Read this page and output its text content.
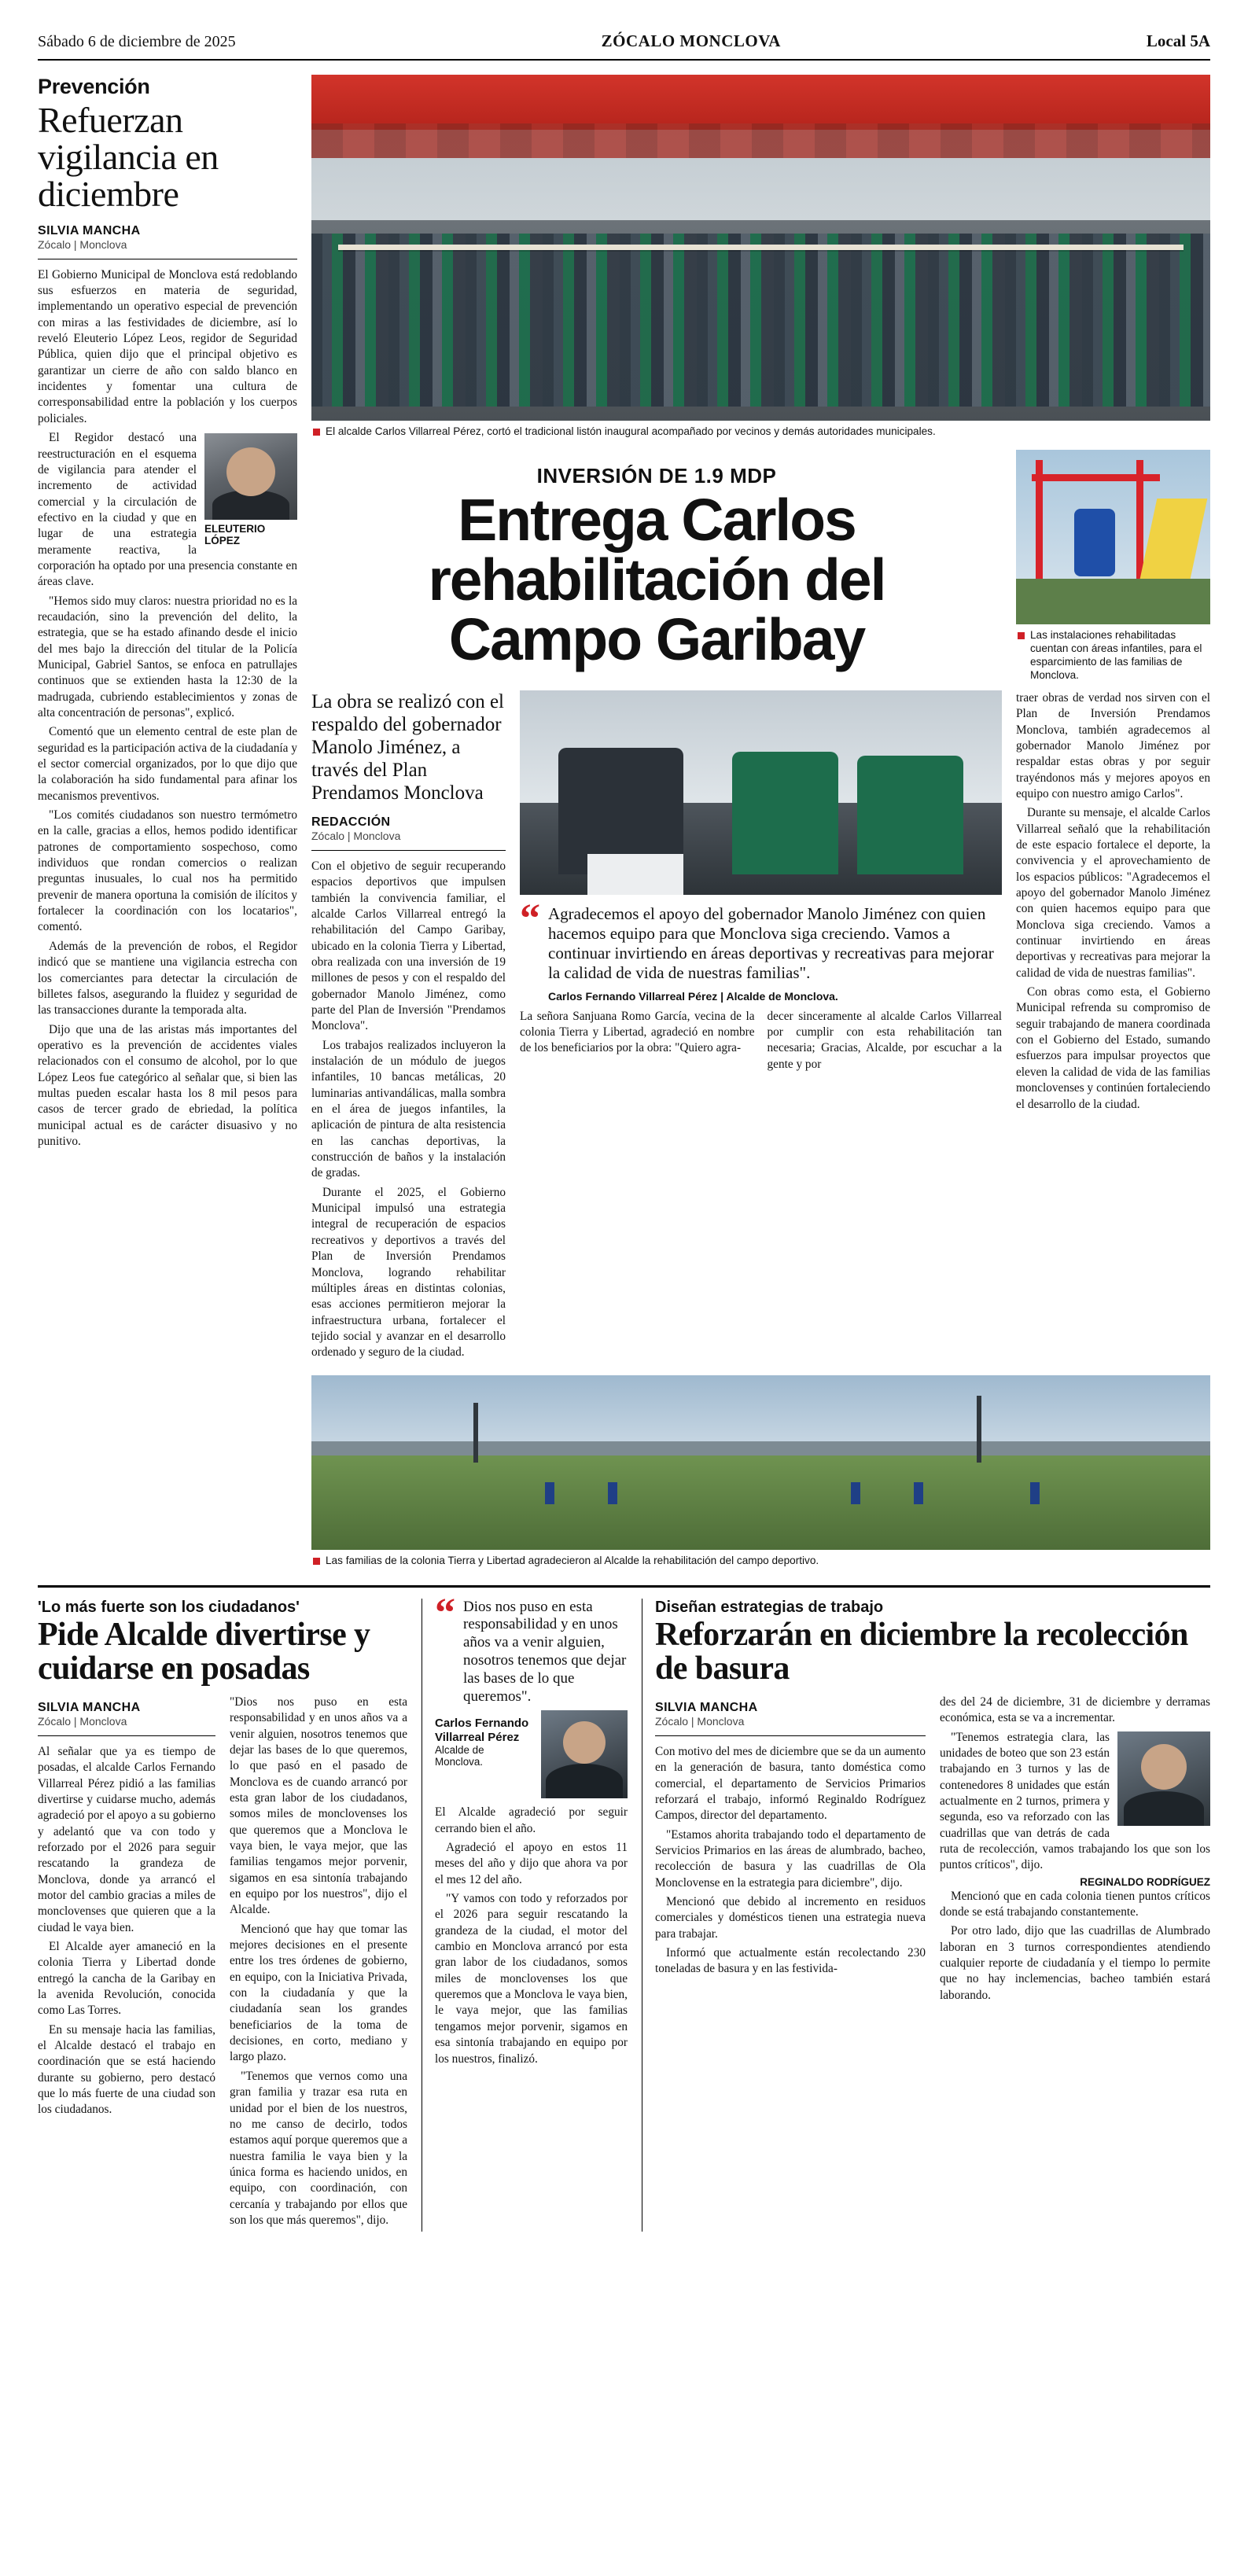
Sábado 6 de diciembre de 2025	ZÓCALO MONCLOVA	Local 5A
Prevención
Refuerzan vigilancia en diciembre
SILVIA MANCHA
Zócalo | Monclova

El Gobierno Municipal de Monclova está redoblando sus esfuerzos en materia de seguridad, implementando un operativo especial de prevención con miras a las festividades de diciembre, así lo reveló Eleuterio López Leos, regidor de Seguridad Pública, quien dijo que el principal objetivo es garantizar un cierre de año con saldo blanco en incidentes y fomentar una cultura de corresponsabilidad entre la población y los cuerpos policiales.

ELEUTERIO LÓPEZ

El Regidor destacó una reestructuración en el esquema de vigilancia para atender el incremento de actividad comercial y la circulación de efectivo en la ciudad y que en lugar de una estrategia meramente reactiva, la corporación ha optado por una presencia constante en áreas clave.

"Hemos sido muy claros: nuestra prioridad no es la recaudación, sino la prevención del delito, la estrategia, que se ha estado afinando desde el inicio del mes bajo la dirección del titular de la Policía Municipal, Gabriel Santos, se enfoca en patrullajes continuos que se extienden hasta la 12:30 de la madrugada, cubriendo establecimientos y zonas de alta concentración de personas", explicó.

Comentó que un elemento central de este plan de seguridad es la participación activa de la ciudadanía y el sector comercial organizados, por lo que dijo que la colaboración ha sido fundamental para afinar los mecanismos preventivos.

"Los comités ciudadanos son nuestro termómetro en la calle, gracias a ellos, hemos podido identificar patrones de comportamiento sospechoso, como individuos que rondan comercios o realizan preguntas inusuales, lo cual nos ha permitido prevenir de manera oportuna la comisión de ilícitos y fortalecer la coordinación con los locatarios", comentó.

Además de la prevención de robos, el Regidor indicó que se mantiene una vigilancia estrecha con los comerciantes para detectar la circulación de billetes falsos, asegurando la fluidez y seguridad de las transacciones durante la temporada alta.

Dijo que una de las aristas más importantes del operativo es la prevención de accidentes viales relacionados con el consumo de alcohol, por lo que López Leos fue categórico al señalar que, si bien las multas pueden escalar hasta los 8 mil pesos para casos de tercer grado de ebriedad, la política municipal actual es de carácter disuasivo y no punitivo.

El alcalde Carlos Villarreal Pérez, cortó el tradicional listón inaugural acompañado por vecinos y demás autoridades municipales.
INVERSIÓN DE 1.9 MDP
Entrega Carlos
rehabilitación del
Campo Garibay	Las instalaciones rehabilitadas cuentan con áreas infantiles, para el esparcimiento de las familias de Monclova.
La obra se realizó con el respaldo del gobernador Manolo Jiménez, a través del Plan Prendamos Monclova
REDACCIÓN
Zócalo | Monclova

Con el objetivo de seguir recuperando espacios deportivos que impulsen también la convivencia familiar, el alcalde Carlos Villarreal entregó la rehabilitación del Campo Garibay, ubicado en la colonia Tierra y Libertad, obra realizada con una inversión de 19 millones de pesos y con el respaldo del gobernador Manolo Jiménez, como parte del Plan de Inversión "Prendamos Monclova".

Los trabajos realizados incluyeron la instalación de un módulo de juegos infantiles, 10 bancas metálicas, 20 luminarias antivandálicas, malla sombra en el área de juegos infantiles, la aplicación de pintura de alta resistencia en las canchas deportivas, la construcción de baños y la instalación de gradas.

Durante el 2025, el Gobierno Municipal impulsó una estrategia integral de recuperación de espacios recreativos y deportivos a través del Plan de Inversión Prendamos Monclova, logrando rehabilitar múltiples áreas en distintas colonias, esas acciones permitieron mejorar la infraestructura urbana, fortalecer el tejido social y avanzar en el desarrollo ordenado y seguro de la ciudad.

“ Agradecemos el apoyo del gobernador Manolo Jiménez con quien hacemos equipo para que Monclova siga creciendo. Vamos a continuar invirtiendo en áreas deportivas y recreativas para mejorar la calidad de vida de nuestras familias".
Carlos Fernando Villarreal Pérez | Alcalde de Monclova.

La señora Sanjuana Romo García, vecina de la colonia Tierra y Libertad, agradeció en nombre de los beneficiarios por la obra: "Quiero agra-

decer sinceramente al alcalde Carlos Villarreal por cumplir con esta rehabilitación tan necesaria; Gracias, Alcalde, por escuchar a la gente y por

traer obras de verdad nos sirven con el Plan de Inversión Prendamos Monclova, también agradecemos al gobernador Manolo Jiménez por respaldar estas obras y por seguir trayéndonos más y mejores apoyos en equipo con nuestro amigo Carlos".

Durante su mensaje, el alcalde Carlos Villarreal señaló que la rehabilitación de este espacio fortalece el deporte, la convivencia y el aprovechamiento de los espacios públicos: "Agradecemos el apoyo del gobernador Manolo Jiménez con quien hacemos equipo para que Monclova siga creciendo. Vamos a continuar invirtiendo en áreas deportivas y recreativas para mejorar la calidad de vida de nuestras familias".

Con obras como esta, el Gobierno Municipal refrenda su compromiso de seguir trabajando de manera coordinada con el Gobierno del Estado, sumando esfuerzos para impulsar proyectos que eleven la calidad de vida de las familias monclovenses y continúen fortaleciendo el desarrollo de la ciudad.

Las familias de la colonia Tierra y Libertad agradecieron al Alcalde la rehabilitación del campo deportivo.
'Lo más fuerte son los ciudadanos'
Pide Alcalde divertirse y cuidarse en posadas
SILVIA MANCHA
Zócalo | Monclova

Al señalar que ya es tiempo de posadas, el alcalde Carlos Fernando Villarreal Pérez pidió a las familias divertirse y cuidarse mucho, además agradeció por el apoyo a su gobierno y adelantó que va con todo y reforzado por el 2026 para seguir rescatando la grandeza de Monclova, donde ya arrancó el motor del cambio gracias a miles de monclovenses que quieren que a la ciudad le vaya bien.

El Alcalde ayer amaneció en la colonia Tierra y Libertad donde entregó la cancha de la Garibay en la avenida Revolución, conocida como Las Torres.

En su mensaje hacia las familias, el Alcalde destacó el trabajo en coordinación que se está haciendo durante su gobierno, pero destacó que lo más fuerte de una ciudad son los ciudadanos.

"Dios nos puso en esta responsabilidad y en unos años va a venir alguien, nosotros tenemos que dejar las bases de lo que queremos, lo que pasó en el pasado de Monclova es de cuando arrancó por esta gran labor de los ciudadanos, somos miles de monclovenses los que queremos que a Monclova le vaya bien, le vaya mejor, que las familias tengamos mejor porvenir, sigamos en esa sintonía trabajando en equipo por los nuestros", dijo el Alcalde.

Mencionó que hay que tomar las mejores decisiones en el presente entre los tres órdenes de gobierno, en equipo, con la Iniciativa Privada, con la ciudadanía y que la ciudadanía sean los grandes beneficiarios de la toma de decisiones, en corto, mediano y largo plazo.

"Tenemos que vernos como una gran familia y trazar esa ruta en unidad por el bien de los nuestros, no me canso de decirlo, todos estamos aquí porque queremos que a nuestra familia le vaya bien y la única forma es haciendo unidos, en equipo, con coordinación, con cercanía y trabajando por ellos que son los que más queremos", dijo.

“ Dios nos puso en esta responsabilidad y en unos años va a venir alguien, nosotros tenemos que dejar las bases de lo que queremos".
Carlos Fernando Villarreal Pérez
Alcalde de Monclova.

El Alcalde agradeció por seguir cerrando bien el año.

Agradeció el apoyo en estos 11 meses del año y dijo que ahora va por el mes 12 del año.

"Y vamos con todo y reforzados por el 2026 para seguir rescatando la grandeza de la ciudad, el motor del cambio en Monclova arrancó por esta gran labor de los ciudadanos, somos miles de monclovenses los que queremos que a Monclova le vaya bien, le vaya mejor, que las familias tengamos mejor porvenir, sigamos en esa sintonía trabajando en equipo por los nuestros, finalizó.

Diseñan estrategias de trabajo
Reforzarán en diciembre la recolección de basura
SILVIA MANCHA
Zócalo | Monclova

Con motivo del mes de diciembre que se da un aumento en la generación de basura, tanto doméstica como comercial, el departamento de Servicios Primarios reforzará el trabajo, informó Reginaldo Rodríguez Campos, director del departamento.

"Estamos ahorita trabajando todo el departamento de Servicios Primarios en las áreas de alumbrado, bacheo, recolección de basura y las cuadrillas de Ola Monclovense en la estrategia para diciembre", dijo.

Mencionó que debido al incremento en residuos comerciales y domésticos tienen una estrategia nueva para trabajar.

Informó que actualmente están recolectando 230 toneladas de basura y en las festivida-

des del 24 de diciembre, 31 de diciembre y derramas económica, esta se va a incrementar.

"Tenemos estrategia clara, las unidades de boteo que son 23 están trabajando en 3 turnos y las de contenedores 8 unidades que están actualmente en 2 turnos, primera y segunda, eso va reforzado con las cuadrillas que van detrás de cada ruta de recolección, vamos trabajando los que son los puntos críticos", dijo.

REGINALDO RODRÍGUEZ

Mencionó que en cada colonia tienen puntos críticos donde se está trabajando constantemente.

Por otro lado, dijo que las cuadrillas de Alumbrado laboran en 3 turnos correspondientes atendiendo cualquier reporte de ciudadanía y el tiempo lo permite que no hay inclemencias, bacheo también estará laborando.
